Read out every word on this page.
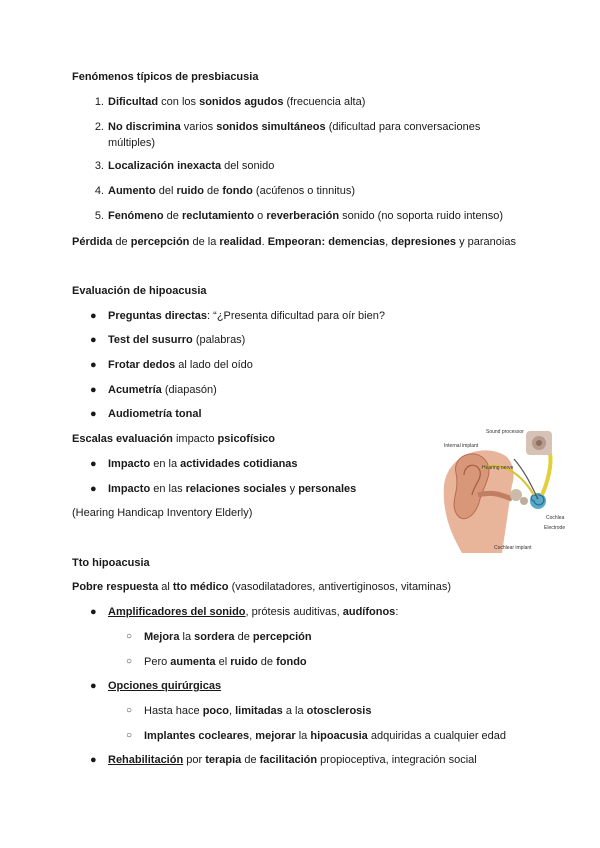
Fenómenos típicos de presbiacusia
1. Dificultad con los sonidos agudos (frecuencia alta)
2. No discrimina varios sonidos simultáneos (dificultad para conversaciones
múltiples)
3. Localización inexacta del sonido
4. Aumento del ruido de fondo (acúfenos o tinnitus)
5. Fenómeno de reclutamiento o reverberación sonido (no soporta ruido intenso)
Pérdida de percepción de la realidad. Empeoran: demencias, depresiones y paranoias
Evaluación de hipoacusia
● Preguntas directas: “¿Presenta dificultad para oír bien?
● Test del susurro (palabras)
● Frotar dedos al lado del oído
● Acumetría (diapasón)
● Audiometría tonal
Escalas evaluación impacto psicofísico
● Impacto en la actividades cotidianas
● Impacto en las relaciones sociales y personales
(Hearing Handicap Inventory Elderly)
Sound processor
Internal implant
Hearing nerve
Cochlea
Electrode
Cochlear implant
Tto hipoacusia
Pobre respuesta al tto médico (vasodilatadores, antivertiginosos, vitaminas)
● Amplificadores del sonido, prótesis auditivas, audífonos:
○ Mejora la sordera de percepción
○ Pero aumenta el ruido de fondo
● Opciones quirúrgicas
○ Hasta hace poco, limitadas a la otosclerosis
○ Implantes cocleares, mejorar la hipoacusia adquiridas a cualquier edad
● Rehabilitación por terapia de facilitación propioceptiva, integración social
